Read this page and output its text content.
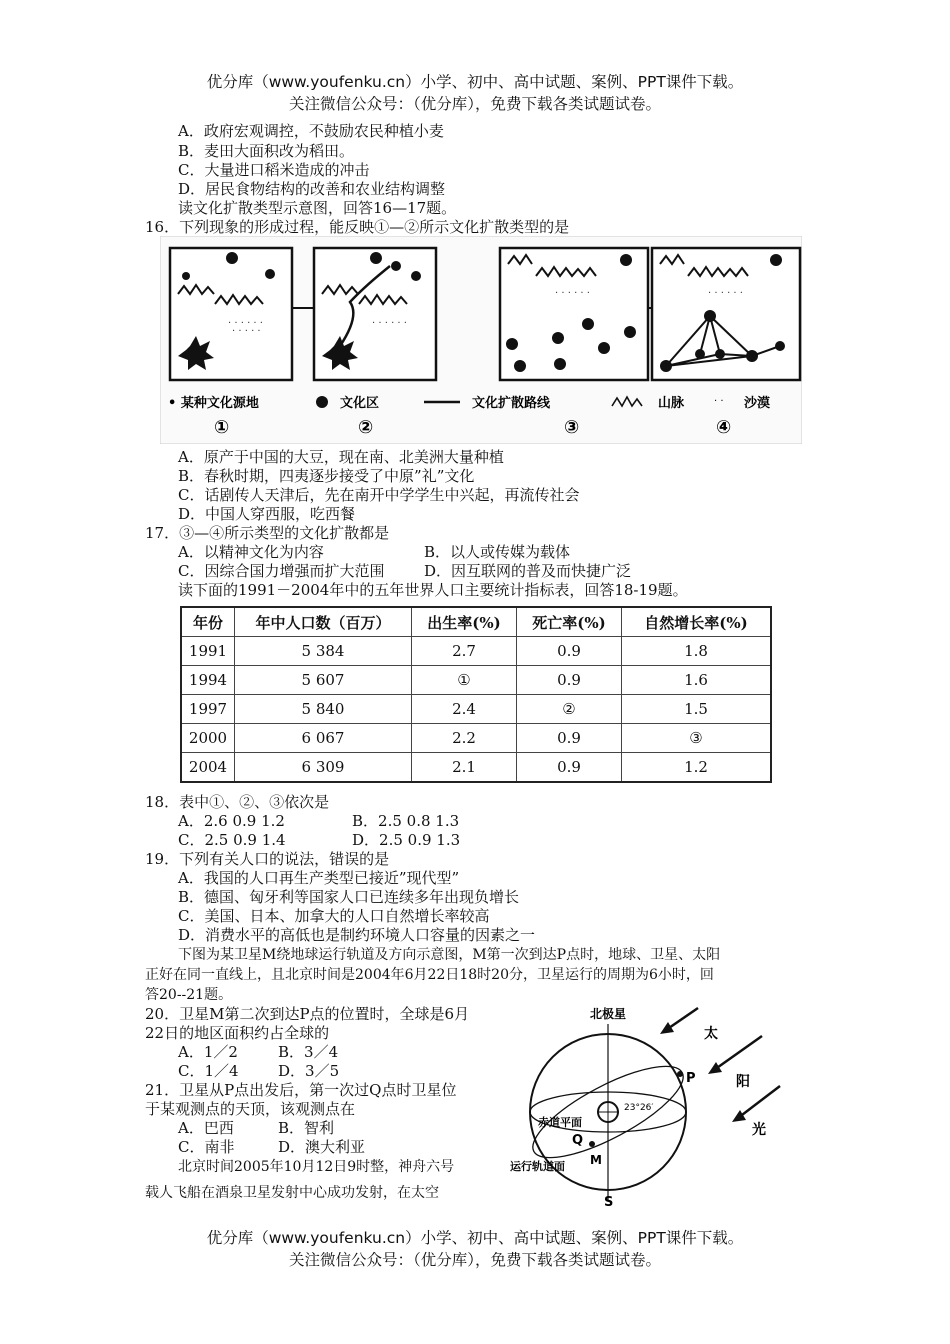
优分库（www.youfenku.cn）小学、初中、高中试题、案例、PPT课件下载。
关注微信公众号：（优分库），免费下载各类试题试卷。
A．政府宏观调控，不鼓励农民种植小麦
B．麦田大面积改为稻田。
C．大量进口稻米造成的冲击
D．居民食物结构的改善和农业结构调整
读文化扩散类型示意图，回答16—17题。
16．下列现象的形成过程，能反映①—②所示文化扩散类型的是
· · · · · ·
· · · · ·
· · · · · ·
· · · · · ·	· · · · · ·
• 某种文化源地	文化区	文化扩散路线	山脉	· · 沙漠
①	②	③	④
A．原产于中国的大豆，现在南、北美洲大量种植
B．春秋时期，四夷逐步接受了中原”礼”文化
C．话剧传人天津后，先在南开中学学生中兴起，再流传社会
D．中国人穿西服，吃西餐
17．③—④所示类型的文化扩散都是
A．以精神文化为内容	B．以人或传媒为载体
C．因综合国力增强而扩大范围	D．因互联网的普及而快捷广泛
读下面的1991－2004年中的五年世界人口主要统计指标表，回答18-19题。
年份	年中人口数（百万）	出生率(%)	死亡率(%)	自然增长率(%)
1991	5 384	2.7	0.9	1.8
1994	5 607	①	0.9	1.6
1997	5 840	2.4	②	1.5
2000	6 067	2.2	0.9	③
2004	6 309	2.1	0.9	1.2
18．表中①、②、③依次是
A．2.6 0.9 1.2	B．2.5 0.8 1.3
C．2.5 0.9 1.4	D．2.5 0.9 1.3
19．下列有关人口的说法，错误的是
A．我国的人口再生产类型已接近”现代型”
B．德国、匈牙利等国家人口已连续多年出现负增长
C．美国、日本、加拿大的人口自然增长率较高
D．消费水平的高低也是制约环境人口容量的因素之一
下图为某卫星M绕地球运行轨道及方向示意图，M第一次到达P点时，地球、卫星、太阳
正好在同一直线上，且北京时间是2004年6月22日18时20分，卫星运行的周期为6小时，回
答20--21题。
20．卫星M第二次到达P点的位置时，全球是6月
22日的地区面积约占全球的
A．1／2	B．3／4
C．1／4	D．3／5
21．卫星从P点出发后，第一次过Q点时卫星位
于某观测点的天顶，该观测点在
A．巴西	B．智利
C．南非	D．澳大利亚
北京时间2005年10月12日9时整，神舟六号
载人飞船在酒泉卫星发射中心成功发射，在太空
北极星
23°26′
P
Q
M
S
赤道平面
运行轨道面
太
阳
光
优分库（www.youfenku.cn）小学、初中、高中试题、案例、PPT课件下载。
关注微信公众号：（优分库），免费下载各类试题试卷。
